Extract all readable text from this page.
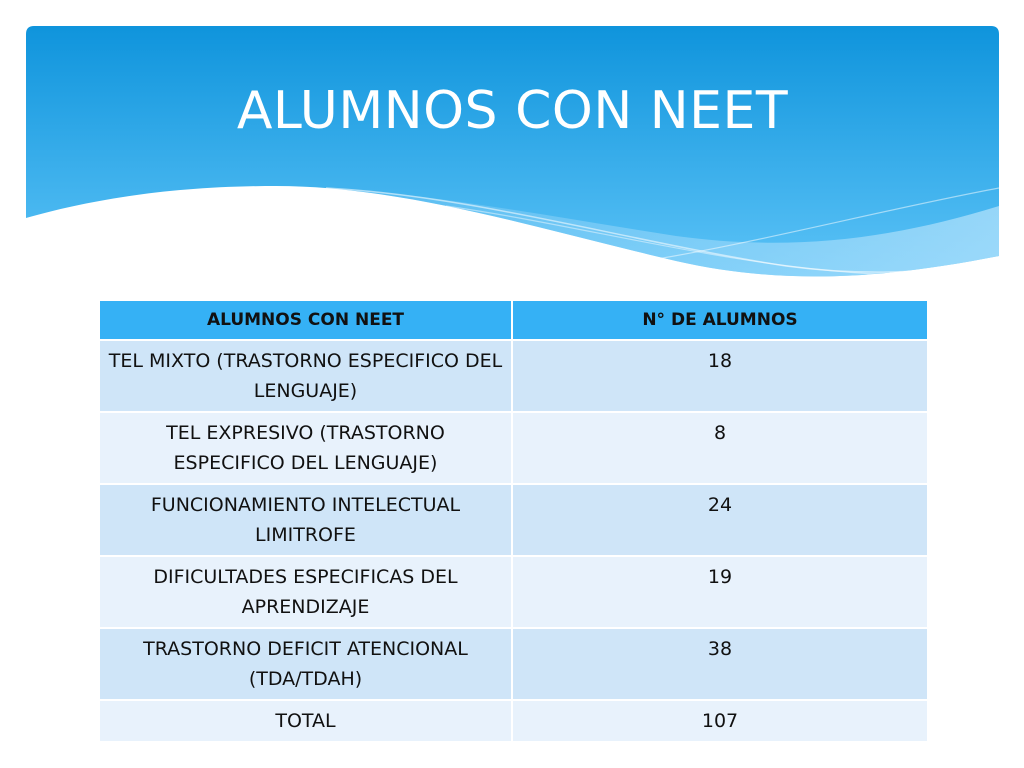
ALUMNOS CON NEET
ALUMNOS CON NEET	N° DE ALUMNOS
TEL MIXTO (TRASTORNO ESPECIFICO DEL LENGUAJE)	18
TEL EXPRESIVO (TRASTORNO ESPECIFICO DEL LENGUAJE)	8
FUNCIONAMIENTO INTELECTUAL LIMITROFE	24
DIFICULTADES ESPECIFICAS DEL APRENDIZAJE	19
TRASTORNO DEFICIT ATENCIONAL (TDA/TDAH)	38
TOTAL	107
